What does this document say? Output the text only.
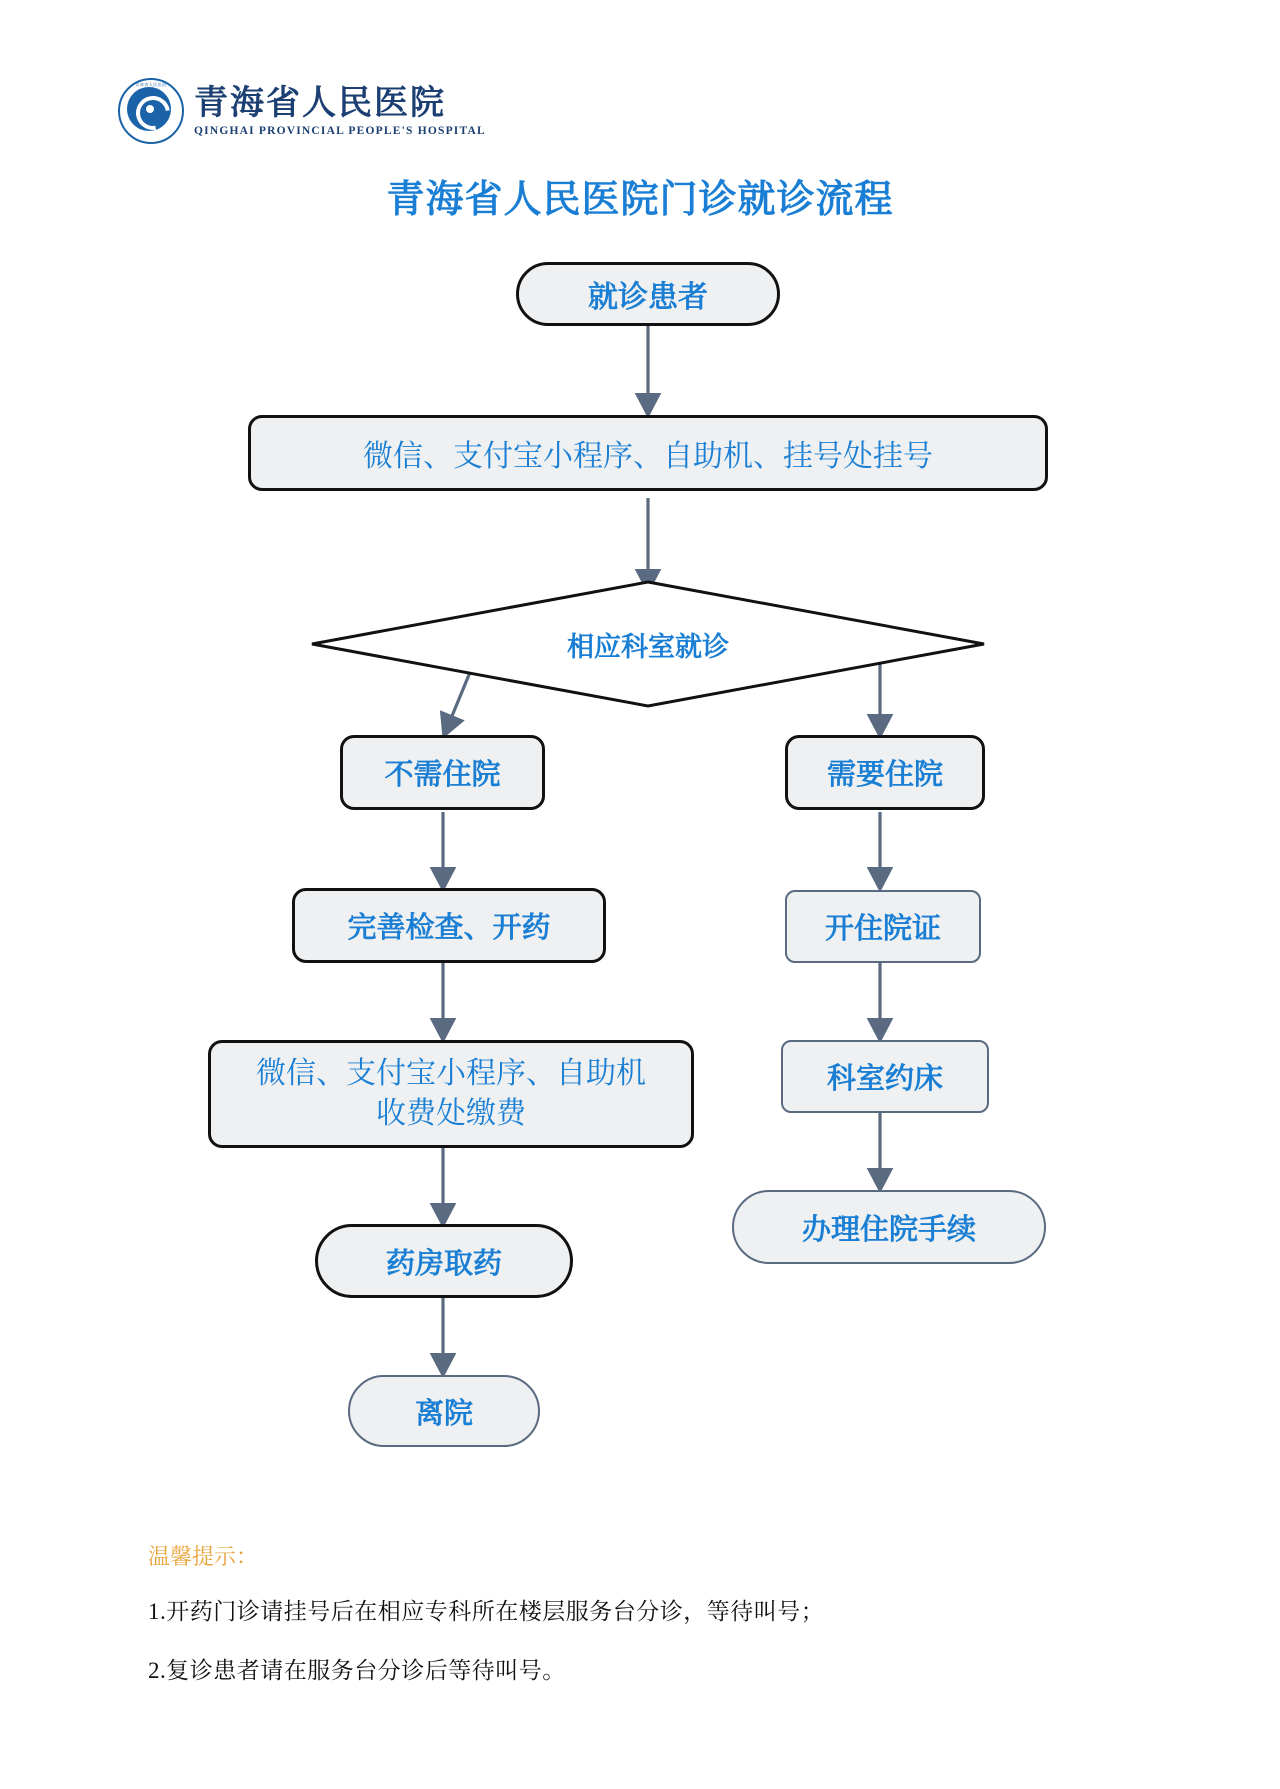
青海省人民医院
青海省人民医院
QINGHAI PROVINCIAL PEOPLE'S HOSPITAL
青海省人民医院门诊就诊流程
就诊患者
微信、支付宝小程序、自助机、挂号处挂号
相应科室就诊
不需住院	需要住院
完善检查、开药	开住院证
微信、支付宝小程序、自助机
收费处缴费
科室约床
药房取药
办理住院手续
离院
温馨提示：
1.开药门诊请挂号后在相应专科所在楼层服务台分诊，等待叫号；
2.复诊患者请在服务台分诊后等待叫号。
